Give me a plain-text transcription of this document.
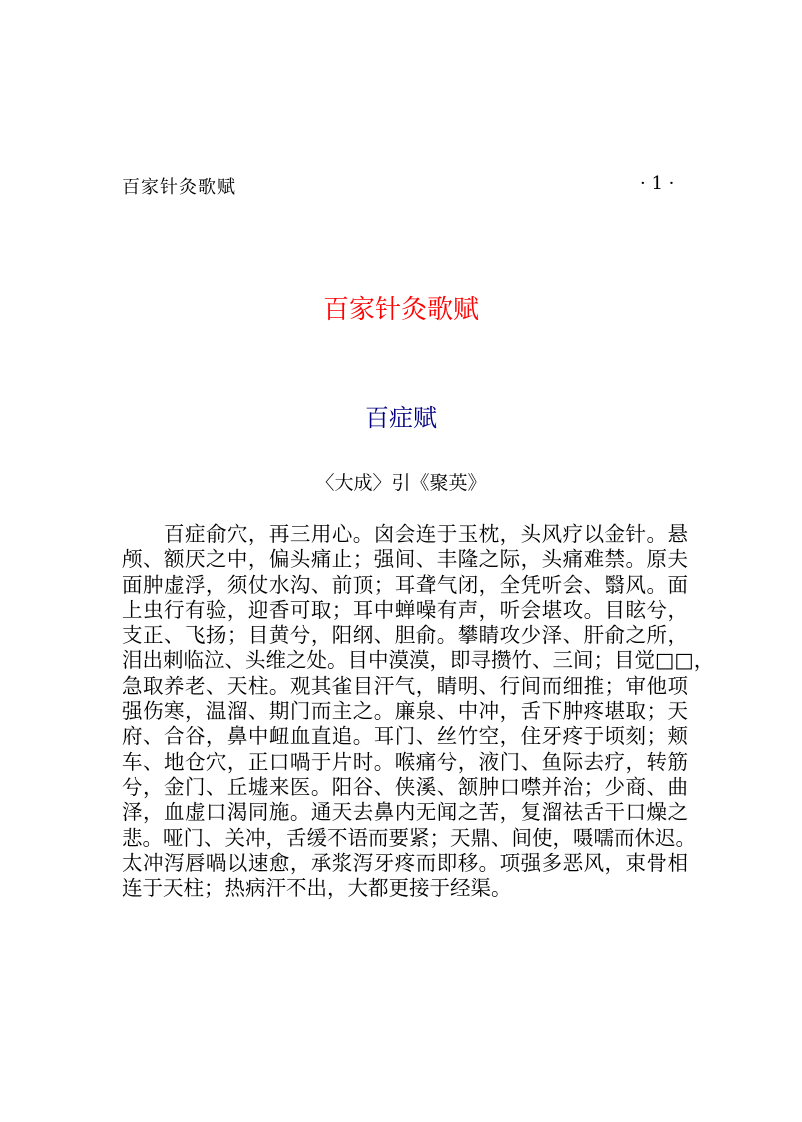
百家针灸歌赋	· 1 ·
百家针灸歌赋
百症赋
〈大成〉引《聚英》
百症俞穴，再三用心。囟会连于玉枕，头风疗以金针。悬
颅、额厌之中，偏头痛止；强间、丰隆之际，头痛难禁。原夫
面肿虚浮，须仗水沟、前顶；耳聋气闭，全凭听会、翳风。面
上虫行有验，迎香可取；耳中蝉噪有声，听会堪攻。目眩兮，
支正、飞扬；目黄兮，阳纲、胆俞。攀睛攻少泽、肝俞之所，
泪出刺临泣、头维之处。目中漠漠，即寻攒竹、三间；目觉□□，
急取养老、天柱。观其雀目汗气，睛明、行间而细推；审他项
强伤寒，温溜、期门而主之。廉泉、中冲，舌下肿疼堪取；天
府、合谷，鼻中衄血直追。耳门、丝竹空，住牙疼于顷刻；颊
车、地仓穴，正口喎于片时。喉痛兮，液门、鱼际去疗，转筋
兮，金门、丘墟来医。阳谷、侠溪、颔肿口噤并治；少商、曲
泽，血虚口渴同施。通天去鼻内无闻之苦，复溜祛舌干口燥之
悲。哑门、关冲，舌缓不语而要紧；天鼎、间使，嗫嚅而休迟。
太冲泻唇喎以速愈，承浆泻牙疼而即移。项强多恶风，束骨相
连于天柱；热病汗不出，大都更接于经渠。
